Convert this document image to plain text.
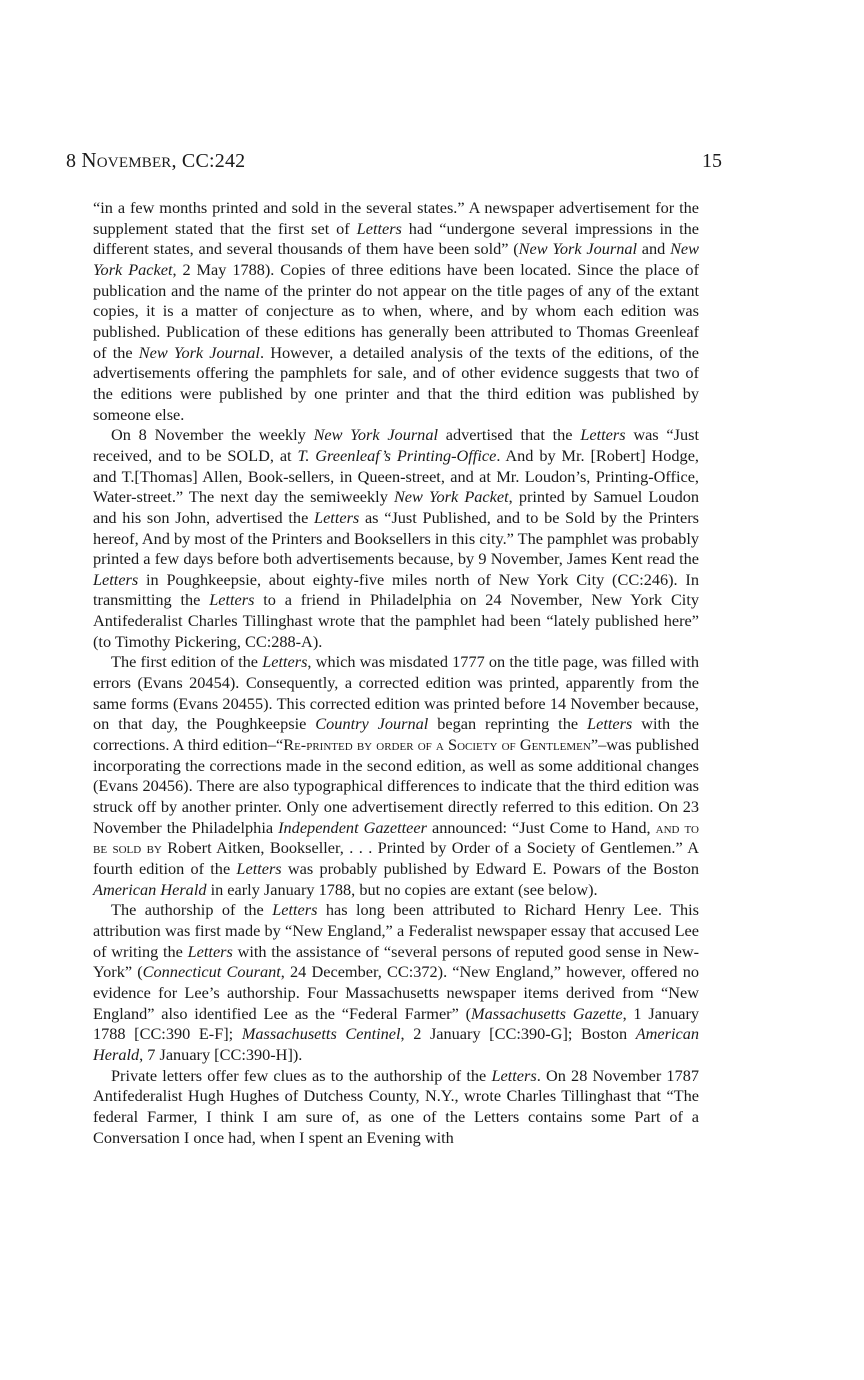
8 November, CC:242	15

“in a few months printed and sold in the several states.” A newspaper advertisement for the supplement stated that the first set of Letters had “undergone several impressions in the different states, and several thousands of them have been sold” (New York Journal and New York Packet, 2 May 1788). Copies of three editions have been located. Since the place of publication and the name of the printer do not appear on the title pages of any of the extant copies, it is a matter of conjecture as to when, where, and by whom each edition was published. Publication of these editions has generally been attributed to Thomas Greenleaf of the New York Journal. However, a detailed analysis of the texts of the editions, of the advertisements offering the pamphlets for sale, and of other evidence suggests that two of the editions were published by one printer and that the third edition was published by someone else.

On 8 November the weekly New York Journal advertised that the Letters was “Just received, and to be SOLD, at T. Greenleaf’s Printing-Office. And by Mr. [Robert] Hodge, and T.[Thomas] Allen, Book-sellers, in Queen-street, and at Mr. Loudon’s, Printing-Office, Water-street.” The next day the semiweekly New York Packet, printed by Samuel Loudon and his son John, advertised the Letters as “Just Published, and to be Sold by the Printers hereof, And by most of the Printers and Booksellers in this city.” The pamphlet was probably printed a few days before both advertisements because, by 9 November, James Kent read the Letters in Poughkeepsie, about eighty-five miles north of New York City (CC:246). In transmitting the Letters to a friend in Philadelphia on 24 November, New York City Antifederalist Charles Tillinghast wrote that the pamphlet had been “lately published here” (to Timothy Pickering, CC:288-A).

The first edition of the Letters, which was misdated 1777 on the title page, was filled with errors (Evans 20454). Consequently, a corrected edition was printed, apparently from the same forms (Evans 20455). This corrected edition was printed before 14 November because, on that day, the Poughkeepsie Country Journal began reprinting the Letters with the corrections. A third edition–“Re-printed by order of a Society of Gentlemen”–was published incorporating the corrections made in the second edition, as well as some additional changes (Evans 20456). There are also typographical differences to indicate that the third edition was struck off by another printer. Only one advertisement directly referred to this edition. On 23 November the Philadelphia Independent Gazetteer announced: “Just Come to Hand, and to be sold by Robert Aitken, Bookseller, . . . Printed by Order of a Society of Gentlemen.” A fourth edition of the Letters was probably published by Edward E. Powars of the Boston American Herald in early January 1788, but no copies are extant (see below).

The authorship of the Letters has long been attributed to Richard Henry Lee. This attribution was first made by “New England,” a Federalist newspaper essay that accused Lee of writing the Letters with the assistance of “several persons of reputed good sense in New-York” (Connecticut Courant, 24 December, CC:372). “New England,” however, offered no evidence for Lee’s authorship. Four Massachusetts newspaper items derived from “New England” also identified Lee as the “Federal Farmer” (Massachusetts Gazette, 1 January 1788 [CC:390 E-F]; Massachusetts Centinel, 2 January [CC:390-G]; Boston American Herald, 7 January [CC:390-H]).

Private letters offer few clues as to the authorship of the Letters. On 28 November 1787 Antifederalist Hugh Hughes of Dutchess County, N.Y., wrote Charles Tillinghast that “The federal Farmer, I think I am sure of, as one of the Letters contains some Part of a Conversation I once had, when I spent an Evening with
